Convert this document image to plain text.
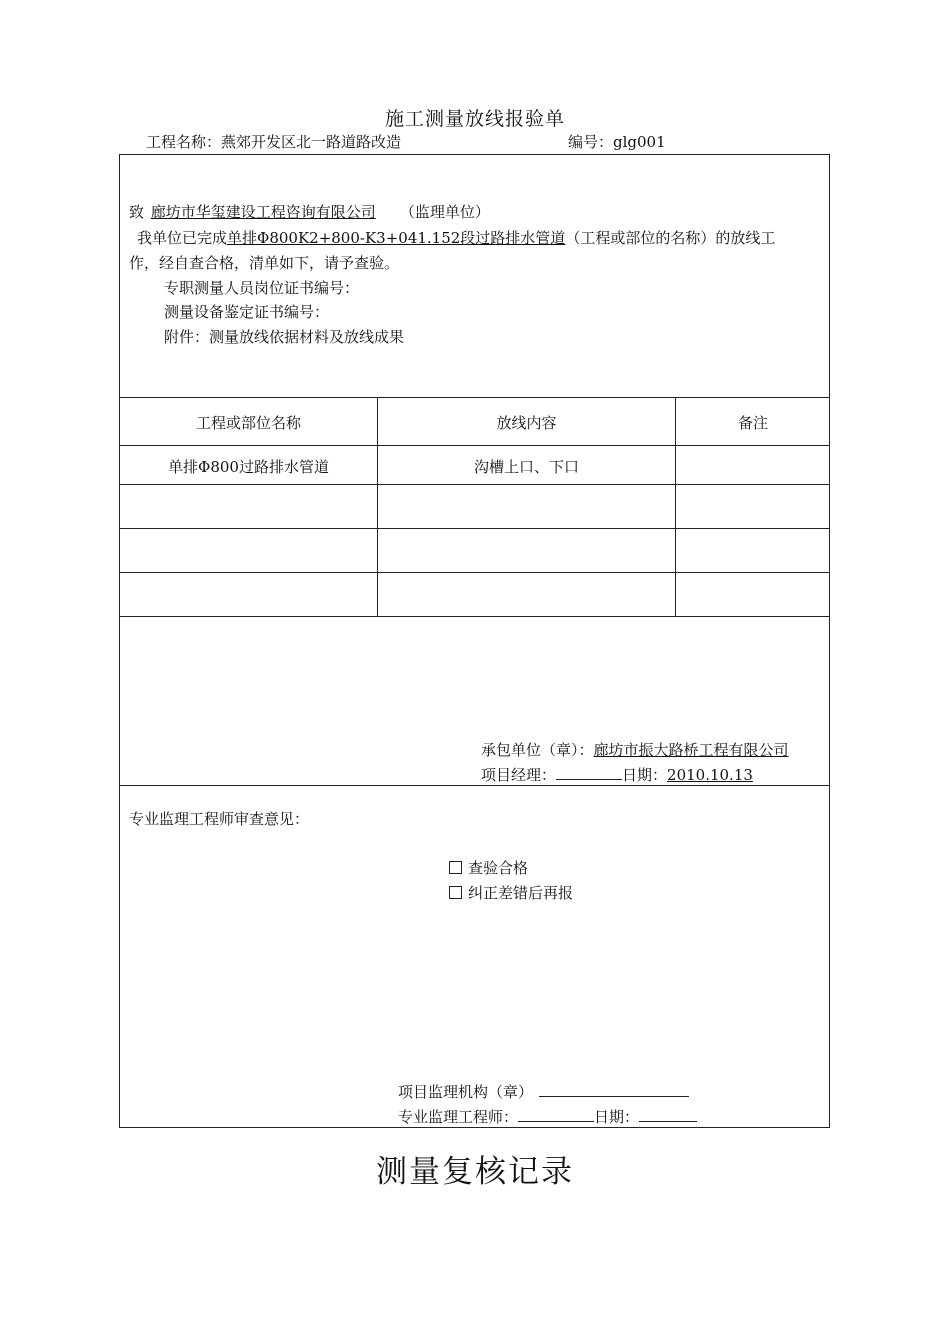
施工测量放线报验单
工程名称：燕郊开发区北一路道路改造	编号：glg001
致 廊坊市华玺建设工程咨询有限公司 （监理单位）
我单位已完成单排Φ800K2+800-K3+041.152段过路排水管道（工程或部位的名称）的放线工
作，经自查合格，清单如下，请予查验。
专职测量人员岗位证书编号：
测量设备鉴定证书编号：
附件：测量放线依据材料及放线成果
工程或部位名称	放线内容	备注
单排Φ800过路排水管道	沟槽上口、下口
承包单位（章）：廊坊市振大路桥工程有限公司
项目经理：	日期：2010.10.13
专业监理工程师审查意见：
查验合格
纠正差错后再报
项目监理机构（章）
专业监理工程师：	日期：
测量复核记录
